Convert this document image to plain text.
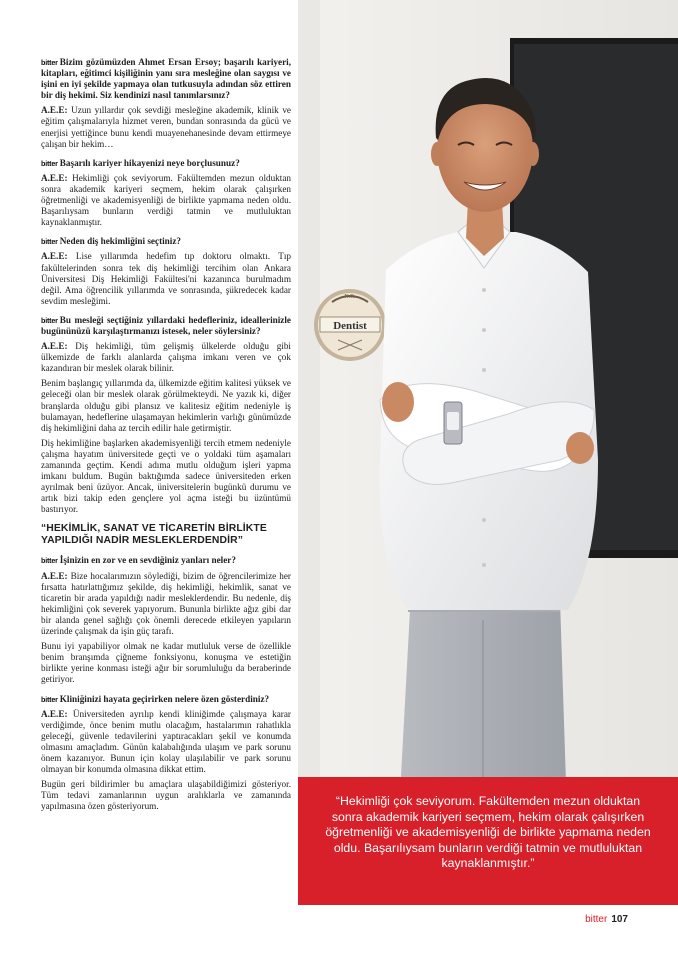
bitter Bizim gözümüzden Ahmet Ersan Ersoy; başarılı kariyeri, kitapları, eğitimci kişiliğinin yanı sıra mesleğine olan saygısı ve işini en iyi şekilde yapmaya olan tutkusuyla adından söz ettiren bir diş hekimi. Siz kendinizi nasıl tanımlarsınız?

A.E.E: Uzun yıllardır çok sevdiği mesleğine akademik, klinik ve eğitim çalışmalarıyla hizmet veren, bundan sonrasında da gücü ve enerjisi yettiğince bunu kendi muayenehanesinde devam ettirmeye çalışan bir hekim…

bitter Başarılı kariyer hikayenizi neye borçlusunuz?

A.E.E: Hekimliği çok seviyorum. Fakültemden mezun olduktan sonra akademik kariyeri seçmem, hekim olarak çalışırken öğretmenliği ve akademisyenliği de birlikte yapmama neden oldu. Başarılıysam bunların verdiği tatmin ve mutluluktan kaynaklanmıştır.

bitter Neden diş hekimliğini seçtiniz?

A.E.E: Lise yıllarımda hedefim tıp doktoru olmaktı. Tıp fakültelerinden sonra tek diş hekimliği tercihim olan Ankara Üniversitesi Diş Hekimliği Fakültesi'ni kazanınca burulmadım değil. Ama öğrencilik yıllarımda ve sonrasında, şükredecek kadar sevdim mesleğimi.

bitter Bu mesleği seçtiğiniz yıllardaki hedefleriniz, ideallerinizle bugününüzü karşılaştırmanızı istesek, neler söylersiniz?

A.E.E: Diş hekimliği, tüm gelişmiş ülkelerde olduğu gibi ülkemizde de farklı alanlarda çalışma imkanı veren ve çok kazandıran bir meslek olarak bilinir.

Benim başlangıç yıllarımda da, ülkemizde eğitim kalitesi yüksek ve geleceği olan bir meslek olarak görülmekteydi. Ne yazık ki, diğer branşlarda olduğu gibi plansız ve kalitesiz eğitim nedeniyle iş bulamayan, hedeflerine ulaşamayan hekimlerin varlığı günümüzde diş hekimliğini daha az tercih edilir hale getirmiştir.

Diş hekimliğine başlarken akademisyenliği tercih etmem nedeniyle çalışma hayatım üniversitede geçti ve o yoldaki tüm aşamaları zamanında geçtim. Kendi adıma mutlu olduğum işleri yapma imkanı buldum. Bugün baktığımda sadece üniversiteden erken ayrılmak beni üzüyor. Ancak, üniversitelerin bugünkü durumu ve artık bizi takip eden gençlere yol açma isteği bu üzüntümü bastırıyor.

“HEKİMLİK, SANAT VE TİCARETİN BİRLİKTE YAPILDIĞI NADİR MESLEKLERDENDİR”

bitter İşinizin en zor ve en sevdiğiniz yanları neler?

A.E.E: Bize hocalarımızın söylediği, bizim de öğrencilerimize her fırsatta hatırlattığımız şekilde, diş hekimliği, hekimlik, sanat ve ticaretin bir arada yapıldığı nadir mesleklerdendir. Bu nedenle, diş hekimliğini çok severek yapıyorum. Bununla birlikte ağız gibi dar bir alanda genel sağlığı çok önemli derecede etkileyen yapıların üzerinde çalışmak da işin güç tarafı.

Bunu iyi yapabiliyor olmak ne kadar mutluluk verse de özellikle benim branşımda çiğneme fonksiyonu, konuşma ve estetiğin birlikte yerine konması isteği ağır bir sorumluluğu da beraberinde getiriyor.

bitter Kliniğinizi hayata geçirirken nelere özen gösterdiniz?

A.E.E: Üniversiteden ayrılıp kendi kliniğimde çalışmaya karar verdiğimde, önce benim mutlu olacağım, hastalarımın rahatlıkla geleceği, güvenle tedavilerini yaptıracakları şekil ve konumda olmasını amaçladım. Günün kalabalığında ulaşım ve park sorunu önem kazanıyor. Bunun için kolay ulaşılabilir ve park sorunu olmayan bir konumda olmasına dikkat ettim.

Bugün geri bildirimler bu amaçlara ulaşabildiğimizi gösteriyor. Tüm tedavi zamanlarının uygun aralıklarla ve zamanında yapılmasına özen gösteriyorum.

N.R.
Dentist
“Hekimliği çok seviyorum. Fakültemden mezun olduktan sonra akademik kariyeri seçmem, hekim olarak çalışırken öğretmenliği ve akademisyenliği de birlikte yapmama neden oldu. Başarılıysam bunların verdiği tatmin ve mutluluktan kaynaklanmıştır.”
bitter 107
